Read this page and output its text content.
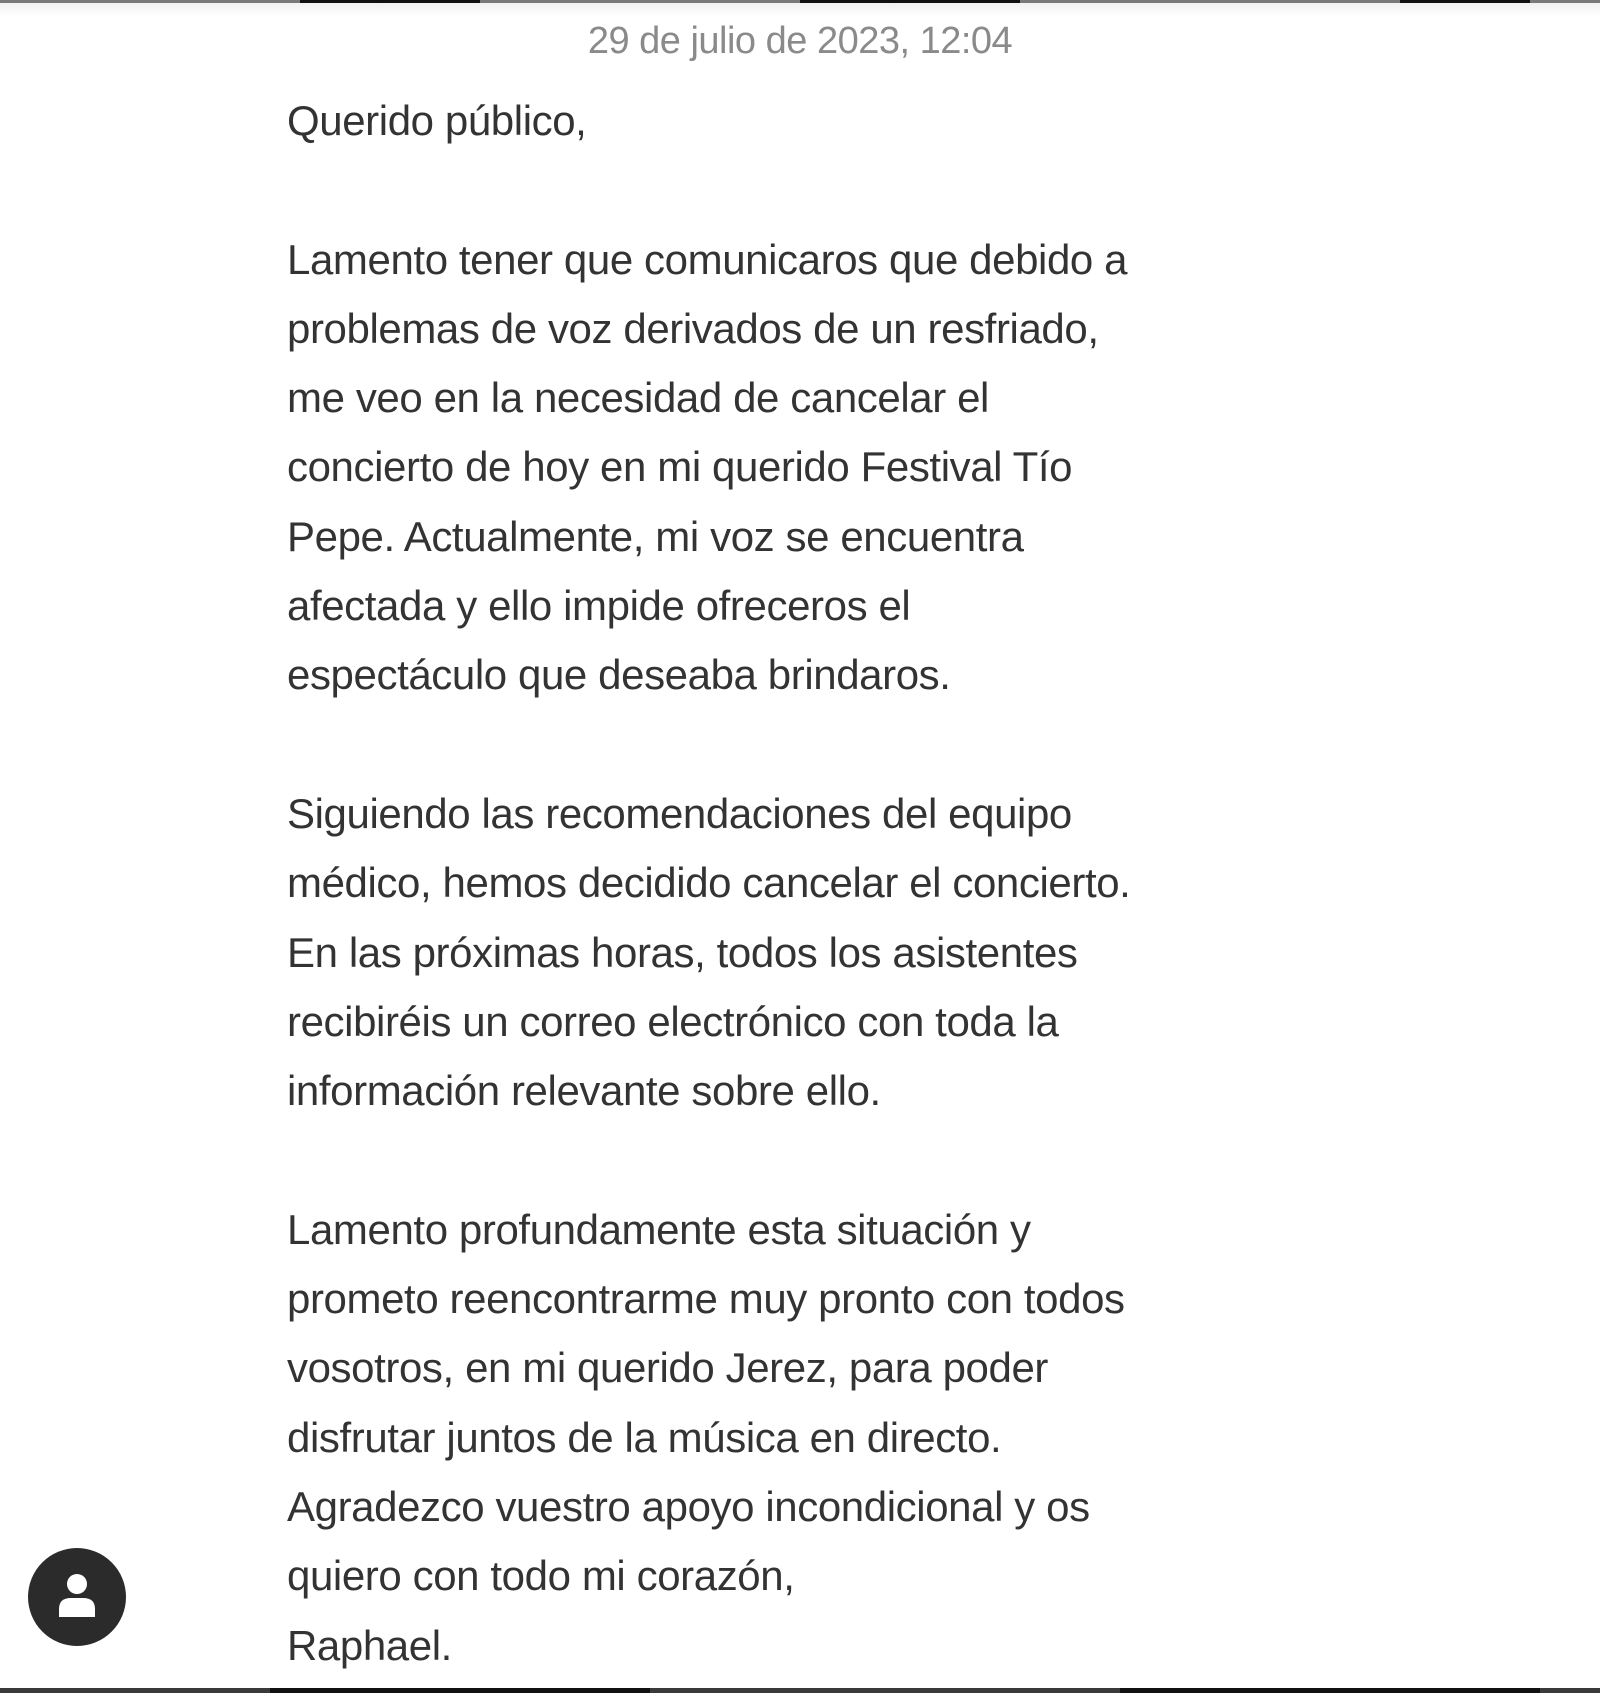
29 de julio de 2023, 12:04
Querido público,
Lamento tener que comunicaros que debido a
problemas de voz derivados de un resfriado,
me veo en la necesidad de cancelar el
concierto de hoy en mi querido Festival Tío
Pepe. Actualmente, mi voz se encuentra
afectada y ello impide ofreceros el
espectáculo que deseaba brindaros.
Siguiendo las recomendaciones del equipo
médico, hemos decidido cancelar el concierto.
En las próximas horas, todos los asistentes
recibiréis un correo electrónico con toda la
información relevante sobre ello.
Lamento profundamente esta situación y
prometo reencontrarme muy pronto con todos
vosotros, en mi querido Jerez, para poder
disfrutar juntos de la música en directo.
Agradezco vuestro apoyo incondicional y os
quiero con todo mi corazón,
Raphael.
